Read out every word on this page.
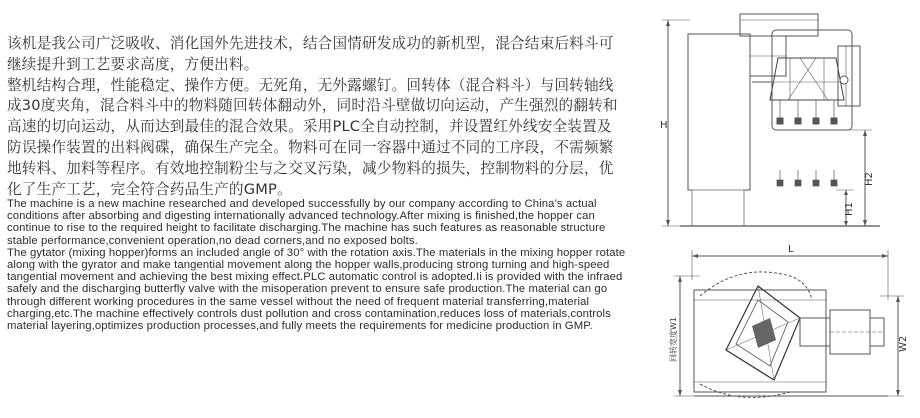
该机是我公司广泛吸收、消化国外先进技术，结合国情研发成功的新机型，混合结束后料斗可继续提升到工艺要求高度，方便出料。

整机结构合理，性能稳定、操作方便。无死角，无外露螺钉。回转体（混合料斗）与回转轴线成30度夹角，混合料斗中的物料随回转体翻动外，同时沿斗壁做切向运动，产生强烈的翻转和高速的切向运动，从而达到最佳的混合效果。采用PLC全自动控制，并设置红外线安全装置及防误操作装置的出料阀碟，确保生产完全。物料可在同一容器中通过不同的工序段，不需频繁地转料、加料等程序。有效地控制粉尘与之交叉污染，减少物料的损失，控制物料的分层，优化了生产工艺，完全符合药品生产的GMP。

The machine is a new machine researched and developed successfully by our company according to China’s actual conditions after absorbing and digesting internationally advanced technology.After mixing is finished,the hopper can continue to rise to the required height to facilitate discharging.The machine has such features as reasonable structure stable performance,convenient operation,no dead corners,and no exposed bolts.

The gytator (mixing hopper)forms an included angle of 30° with the rotation axis.The materials in the mixing hopper rotate along with the gyrator and make tangential movement along the hopper walls,producing strong turning and high-speed tangential movement and achieving the best mixing effect.PLC automatic control is adopted.Ii is provided with the infraed safely and the discharging butterfly valve with the misoperation prevent to ensure safe production.The material can go through different working procedures in the same vessel without the need of frequent material transferring,material charging,etc.The machine effectively controls dust pollution and cross contamination,reduces loss of materials,controls material layering,optimizes production processes,and fully meets the requirements for medicine production in GMP.

H
H2
H1
L
回转宽度W1	W2
